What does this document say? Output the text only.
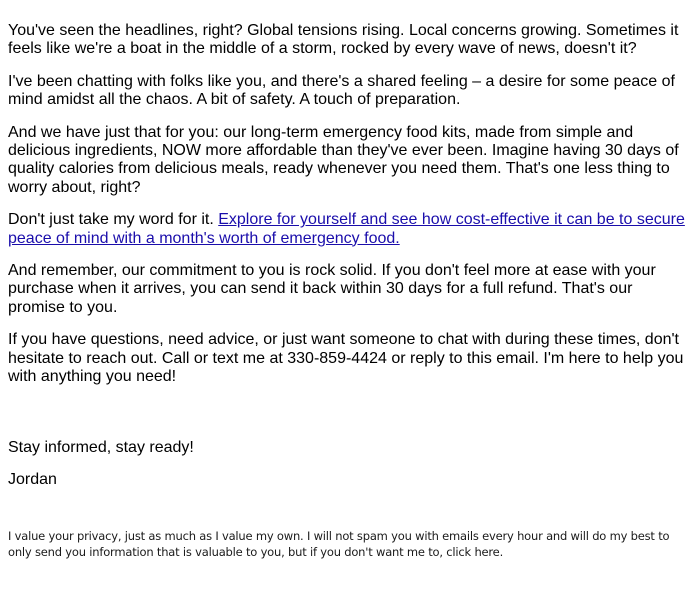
You've seen the headlines, right? Global tensions rising. Local concerns growing. Sometimes it feels like we're a boat in the middle of a storm, rocked by every wave of news, doesn't it?

I've been chatting with folks like you, and there's a shared feeling – a desire for some peace of mind amidst all the chaos. A bit of safety. A touch of preparation.

And we have just that for you: our long-term emergency food kits, made from simple and delicious ingredients, NOW more affordable than they've ever been. Imagine having 30 days of quality calories from delicious meals, ready whenever you need them. That's one less thing to worry about, right?

Don't just take my word for it. Explore for yourself and see how cost-effective it can be to secure peace of mind with a month's worth of emergency food.

And remember, our commitment to you is rock solid. If you don't feel more at ease with your purchase when it arrives, you can send it back within 30 days for a full refund. That's our promise to you.

If you have questions, need advice, or just want someone to chat with during these times, don't hesitate to reach out. Call or text me at 330-859-4424 or reply to this email. I'm here to help you with anything you need!

Stay informed, stay ready!

Jordan

I value your privacy, just as much as I value my own. I will not spam you with emails every hour and will do my best to only send you information that is valuable to you, but if you don't want me to, click here.
